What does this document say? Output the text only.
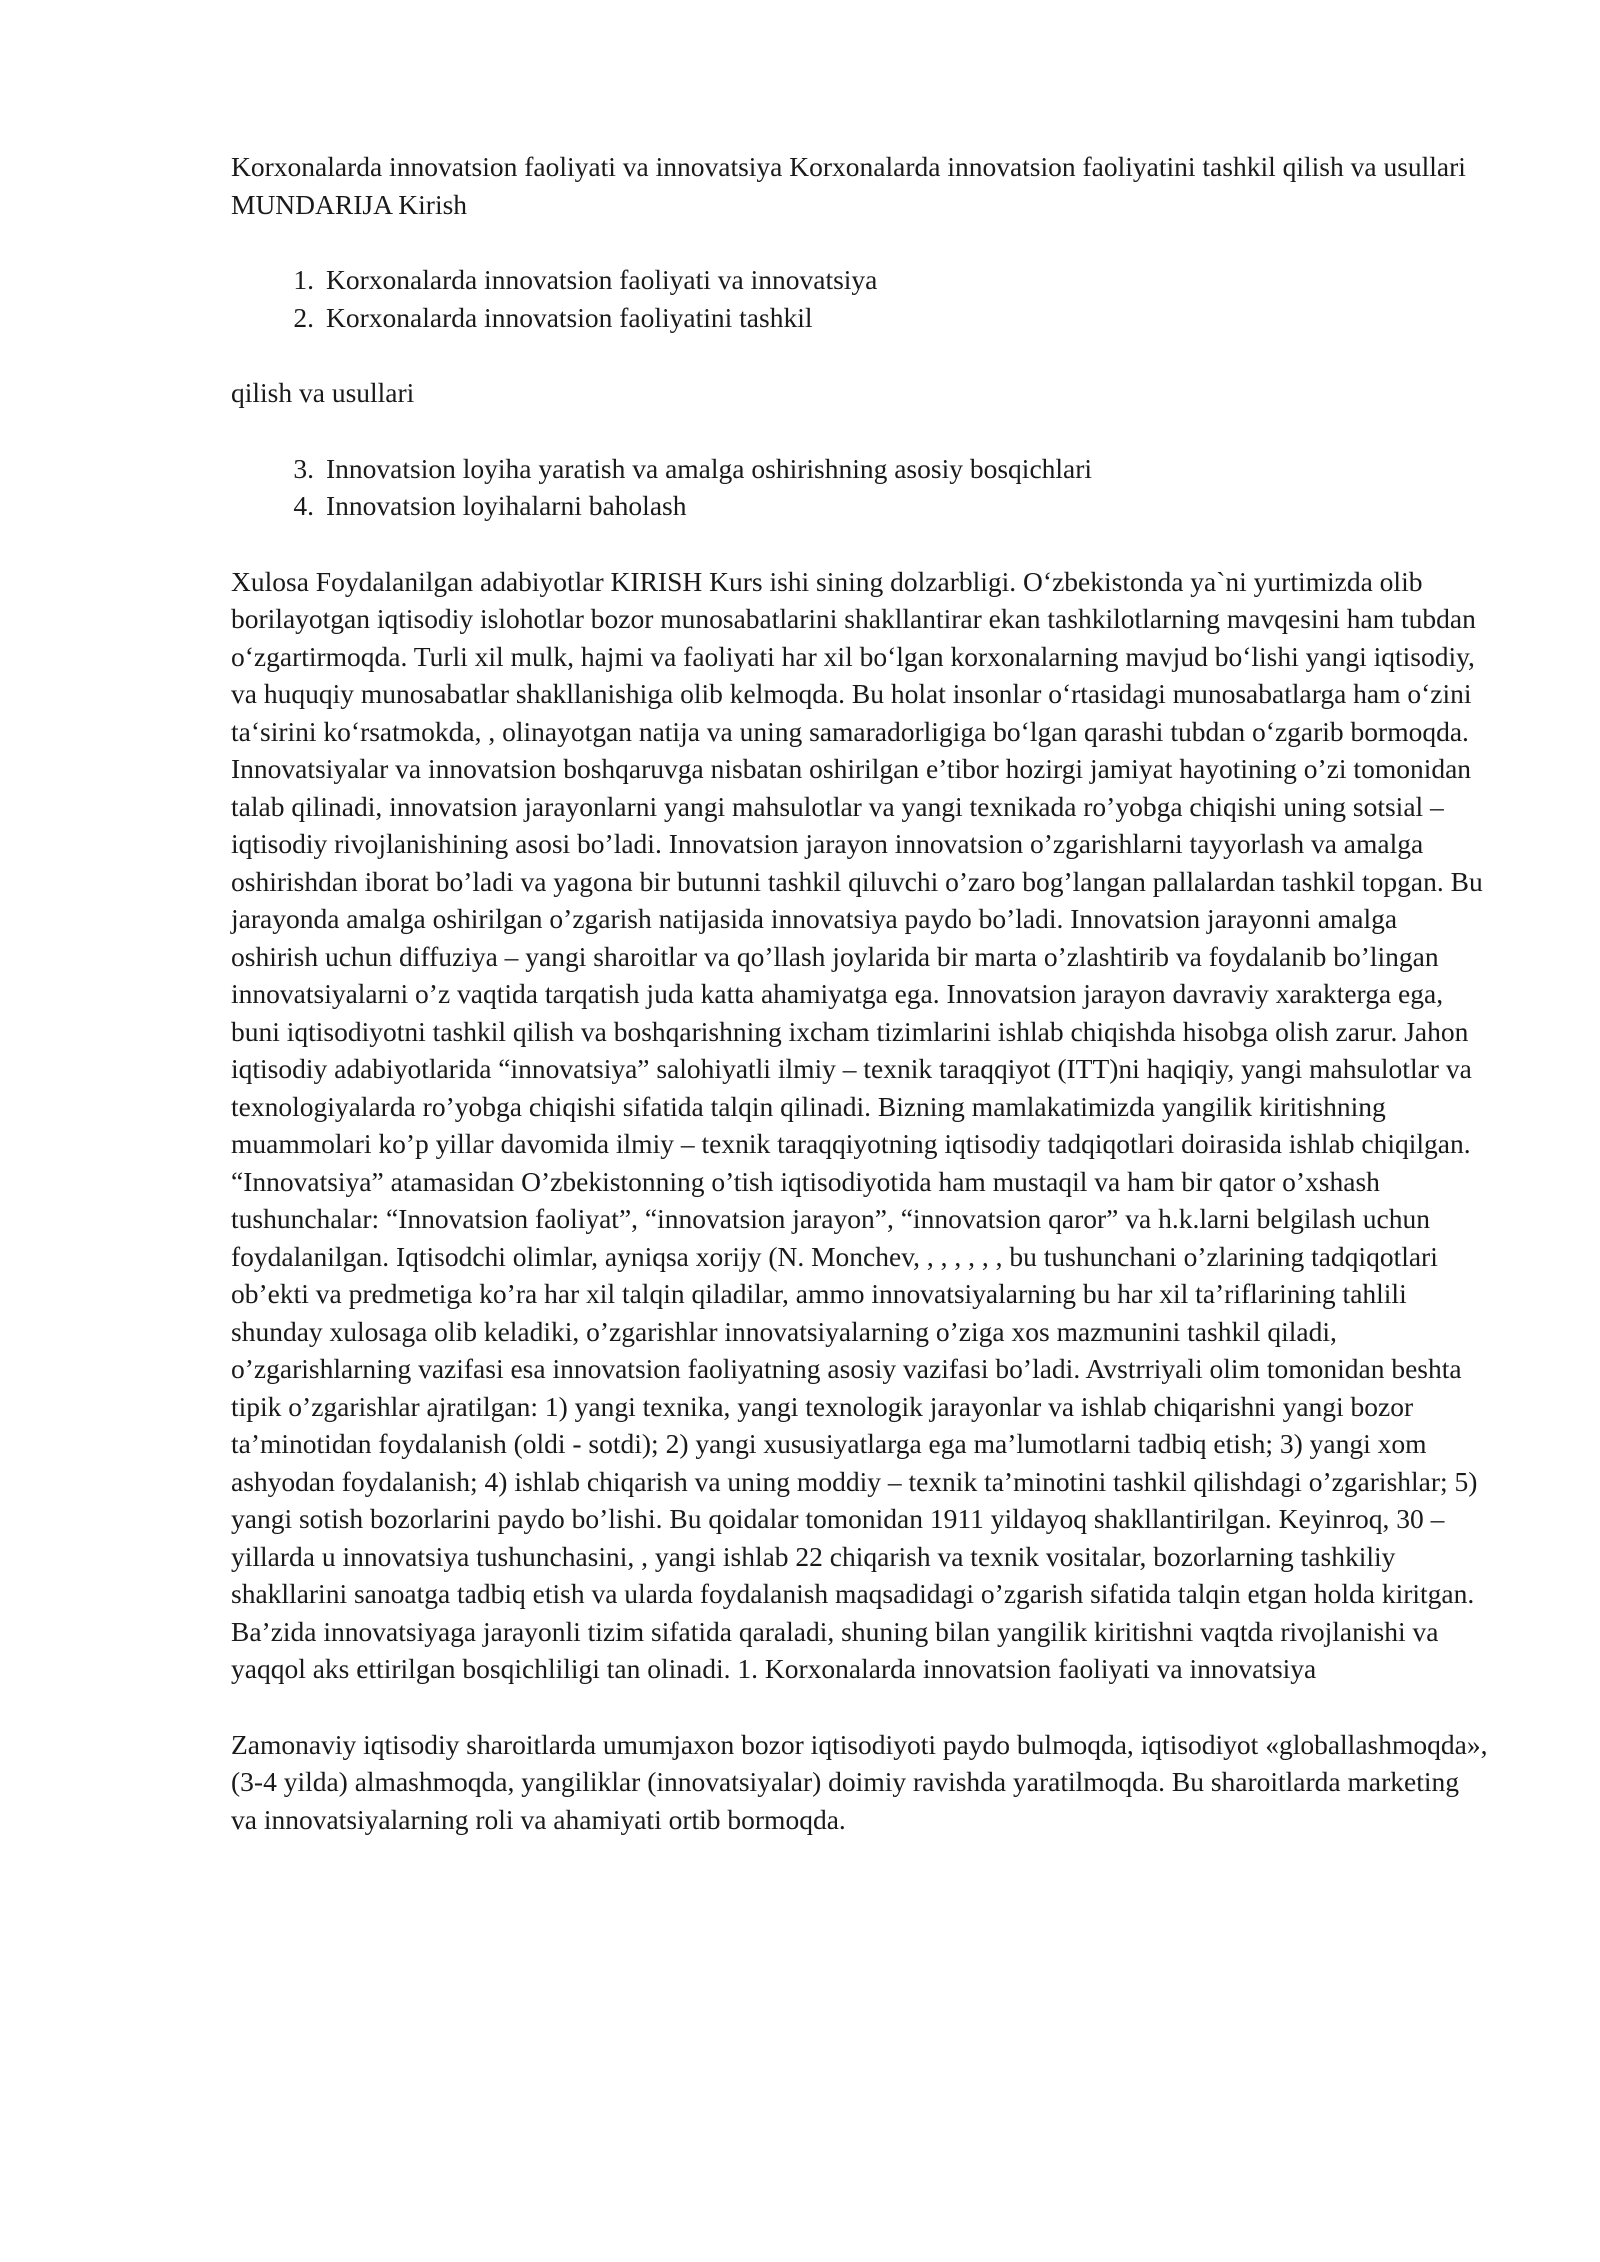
Korxonalarda innovatsion faoliyati va innovatsiya Korxonalarda innovatsion faoliyatini tashkil qilish va usullari MUNDARIJA Kirish

1. Korxonalarda innovatsion faoliyati va innovatsiya
2. Korxonalarda innovatsion faoliyatini tashkil

qilish va usullari

3. Innovatsion loyiha yaratish va amalga oshirishning asosiy bosqichlari
4. Innovatsion loyihalarni baholash

Xulosa Foydalanilgan adabiyotlar KIRISH Kurs ishi sining dolzarbligi. O‘zbekistonda ya`ni yurtimizda olib borilayotgan iqtisodiy islohotlar bozor munosabatlarini shakllantirar ekan tashkilotlarning mavqesini ham tubdan o‘zgartirmoqda. Turli xil mulk, hajmi va faoliyati har xil bo‘lgan korxonalarning mavjud bo‘lishi yangi iqtisodiy, va huquqiy munosabatlar shakllanishiga olib kelmoqda. Bu holat insonlar o‘rtasidagi munosabatlarga ham o‘zini ta‘sirini ko‘rsatmokda, , olinayotgan natija va uning samaradorligiga bo‘lgan qarashi tubdan o‘zgarib bormoqda. Innovatsiyalar va innovatsion boshqaruvga nisbatan oshirilgan e’tibor hozirgi jamiyat hayotining o’zi tomonidan talab qilinadi, innovatsion jarayonlarni yangi mahsulotlar va yangi texnikada ro’yobga chiqishi uning sotsial – iqtisodiy rivojlanishining asosi bo’ladi. Innovatsion jarayon innovatsion o’zgarishlarni tayyorlash va amalga oshirishdan iborat bo’ladi va yagona bir butunni tashkil qiluvchi o’zaro bog’langan pallalardan tashkil topgan. Bu jarayonda amalga oshirilgan o’zgarish natijasida innovatsiya paydo bo’ladi. Innovatsion jarayonni amalga oshirish uchun diffuziya – yangi sharoitlar va qo’llash joylarida bir marta o’zlashtirib va foydalanib bo’lingan innovatsiyalarni o’z vaqtida tarqatish juda katta ahamiyatga ega. Innovatsion jarayon davraviy xarakterga ega, buni iqtisodiyotni tashkil qilish va boshqarishning ixcham tizimlarini ishlab chiqishda hisobga olish zarur. Jahon iqtisodiy adabiyotlarida “innovatsiya” salohiyatli ilmiy – texnik taraqqiyot (ITT)ni haqiqiy, yangi mahsulotlar va texnologiyalarda ro’yobga chiqishi sifatida talqin qilinadi. Bizning mamlakatimizda yangilik kiritishning muammolari ko’p yillar davomida ilmiy – texnik taraqqiyotning iqtisodiy tadqiqotlari doirasida ishlab chiqilgan. “Innovatsiya” atamasidan O’zbekistonning o’tish iqtisodiyotida ham mustaqil va ham bir qator o’xshash tushunchalar: “Innovatsion faoliyat”, “innovatsion jarayon”, “innovatsion qaror” va h.k.larni belgilash uchun foydalanilgan. Iqtisodchi olimlar, ayniqsa xorijy (N. Monchev, , , , , , , bu tushunchani o’zlarining tadqiqotlari ob’ekti va predmetiga ko’ra har xil talqin qiladilar, ammo innovatsiyalarning bu har xil ta’riflarining tahlili shunday xulosaga olib keladiki, o’zgarishlar innovatsiyalarning o’ziga xos mazmunini tashkil qiladi, o’zgarishlarning vazifasi esa innovatsion faoliyatning asosiy vazifasi bo’ladi. Avstrriyali olim tomonidan beshta tipik o’zgarishlar ajratilgan: 1) yangi texnika, yangi texnologik jarayonlar va ishlab chiqarishni yangi bozor ta’minotidan foydalanish (oldi - sotdi); 2) yangi xususiyatlarga ega ma’lumotlarni tadbiq etish; 3) yangi xom ashyodan foydalanish; 4) ishlab chiqarish va uning moddiy – texnik ta’minotini tashkil qilishdagi o’zgarishlar; 5) yangi sotish bozorlarini paydo bo’lishi. Bu qoidalar tomonidan 1911 yildayoq shakllantirilgan. Keyinroq, 30 – yillarda u innovatsiya tushunchasini, , yangi ishlab 22 chiqarish va texnik vositalar, bozorlarning tashkiliy shakllarini sanoatga tadbiq etish va ularda foydalanish maqsadidagi o’zgarish sifatida talqin etgan holda kiritgan. Ba’zida innovatsiyaga jarayonli tizim sifatida qaraladi, shuning bilan yangilik kiritishni vaqtda rivojlanishi va yaqqol aks ettirilgan bosqichliligi tan olinadi. 1. Korxonalarda innovatsion faoliyati va innovatsiya

Zamonaviy iqtisodiy sharoitlarda umumjaxon bozor iqtisodiyoti paydo bulmoqda, iqtisodiyot «globallashmoqda», (3-4 yilda) almashmoqda, yangiliklar (innovatsiyalar) doimiy ravishda yaratilmoqda. Bu sharoitlarda marketing va innovatsiyalarning roli va ahamiyati ortib bormoqda.
